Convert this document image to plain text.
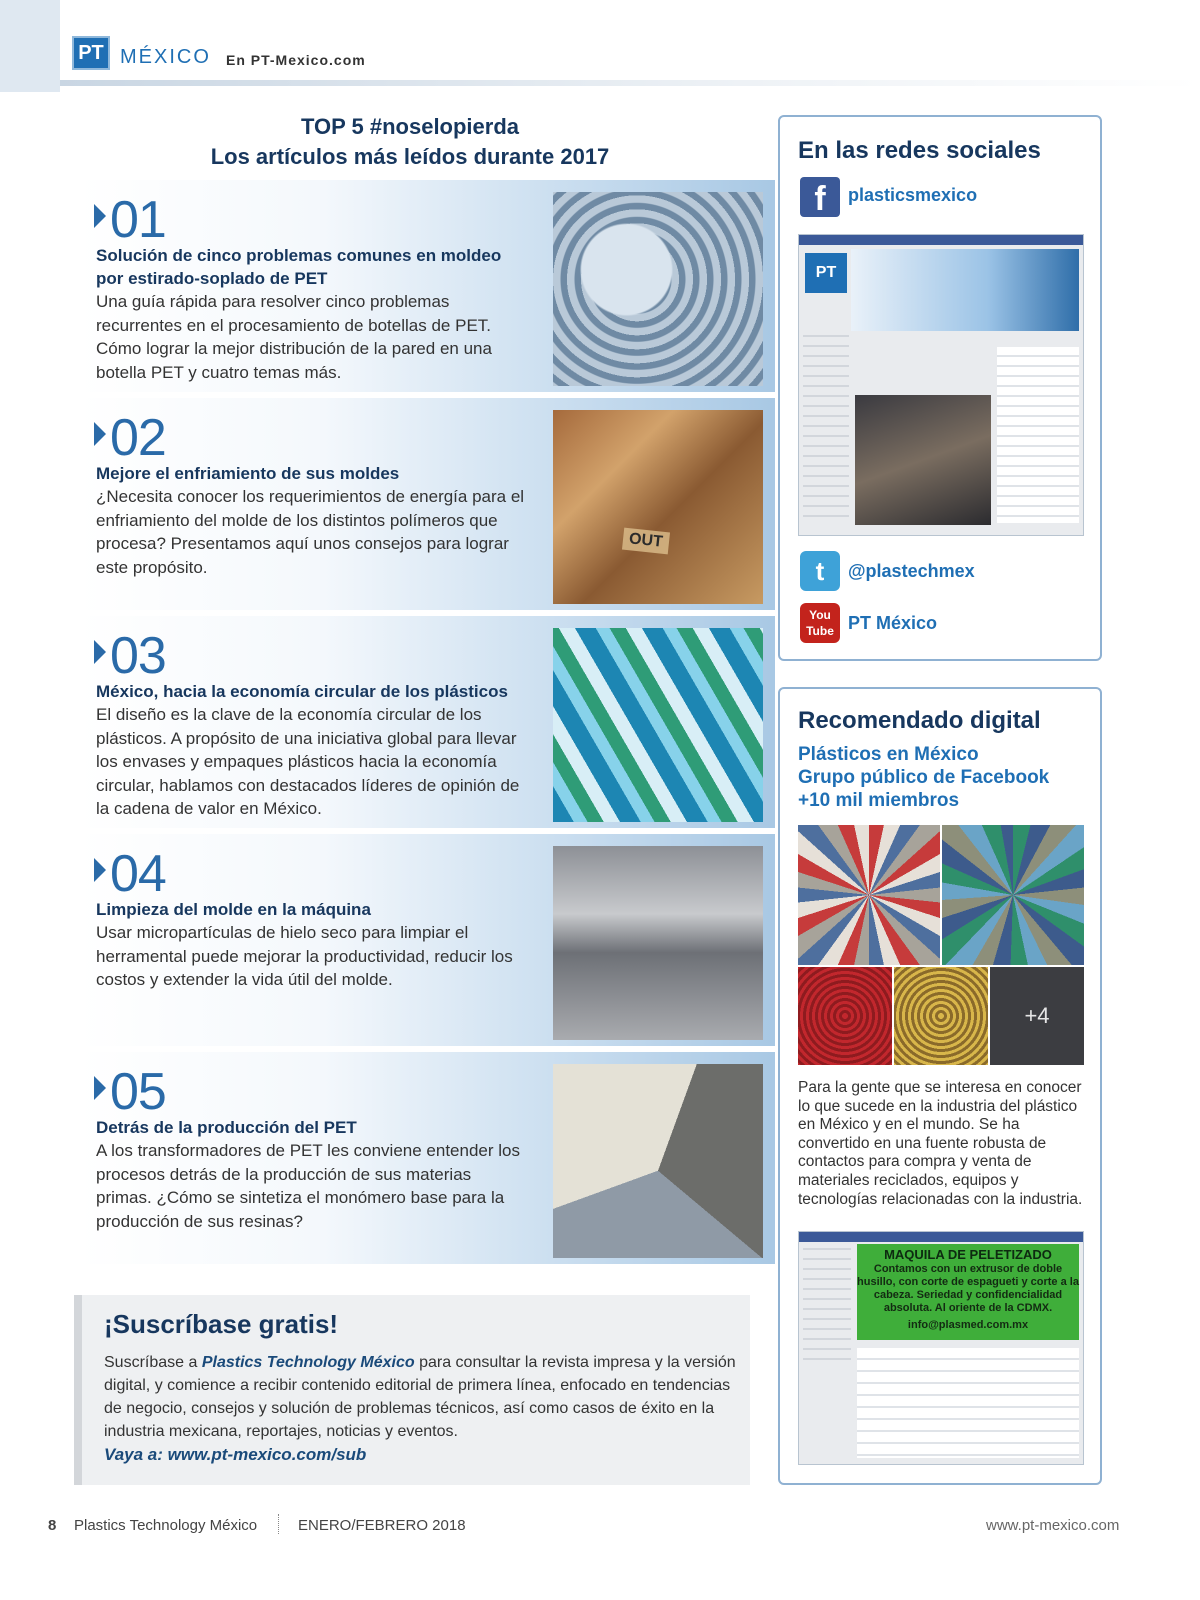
PT MÉXICO En PT-Mexico.com
TOP 5 #noselopierda
Los artículos más leídos durante 2017
01
Solución de cinco problemas comunes en moldeo por estirado-soplado de PET
Una guía rápida para resolver cinco problemas recurrentes en el procesamiento de botellas de PET. Cómo lograr la mejor distribución de la pared en una botella PET y cuatro temas más.
02
Mejore el enfriamiento de sus moldes
¿Necesita conocer los requerimientos de energía para el enfriamiento del molde de los distintos polímeros que procesa? Presentamos aquí unos consejos para lograr este propósito.
OUT
03
México, hacia la economía circular de los plásticos
El diseño es la clave de la economía circular de los plásticos. A propósito de una iniciativa global para llevar los envases y empaques plásticos hacia la economía circular, hablamos con destacados líderes de opinión de la cadena de valor en México.
04
Limpieza del molde en la máquina
Usar micropartículas de hielo seco para limpiar el herramental puede mejorar la productividad, reducir los costos y extender la vida útil del molde.
05
Detrás de la producción del PET
A los transformadores de PET les conviene entender los procesos detrás de la producción de sus materias primas. ¿Cómo se sintetiza el monómero base para la producción de sus resinas?
¡Suscríbase gratis!
Suscríbase a Plastics Technology México para consultar la revista impresa y la versión digital, y comience a recibir contenido editorial de primera línea, enfocado en tendencias de negocio, consejos y solución de problemas técnicos, así como casos de éxito en la industria mexicana, reportajes, noticias y eventos.
Vaya a: www.pt-mexico.com/sub
En las redes sociales
f	plasticsmexico
PT
t	@plastechmex
You
Tube PT México
Recomendado digital
Plásticos en México
Grupo público de Facebook
+10 mil miembros
+4
Para la gente que se interesa en conocer lo que sucede en la industria del plástico en México y en el mundo. Se ha convertido en una fuente robusta de contactos para compra y venta de materiales reciclados, equipos y tecnologías relacionadas con la industria.
MAQUILA DE PELETIZADO
Contamos con un extrusor de doble husillo, con corte de espagueti y corte a la cabeza. Seriedad y confidencialidad absoluta. Al oriente de la CDMX.
info@plasmed.com.mx
8 Plastics Technology México	ENERO/FEBRERO 2018	www.pt-mexico.com
